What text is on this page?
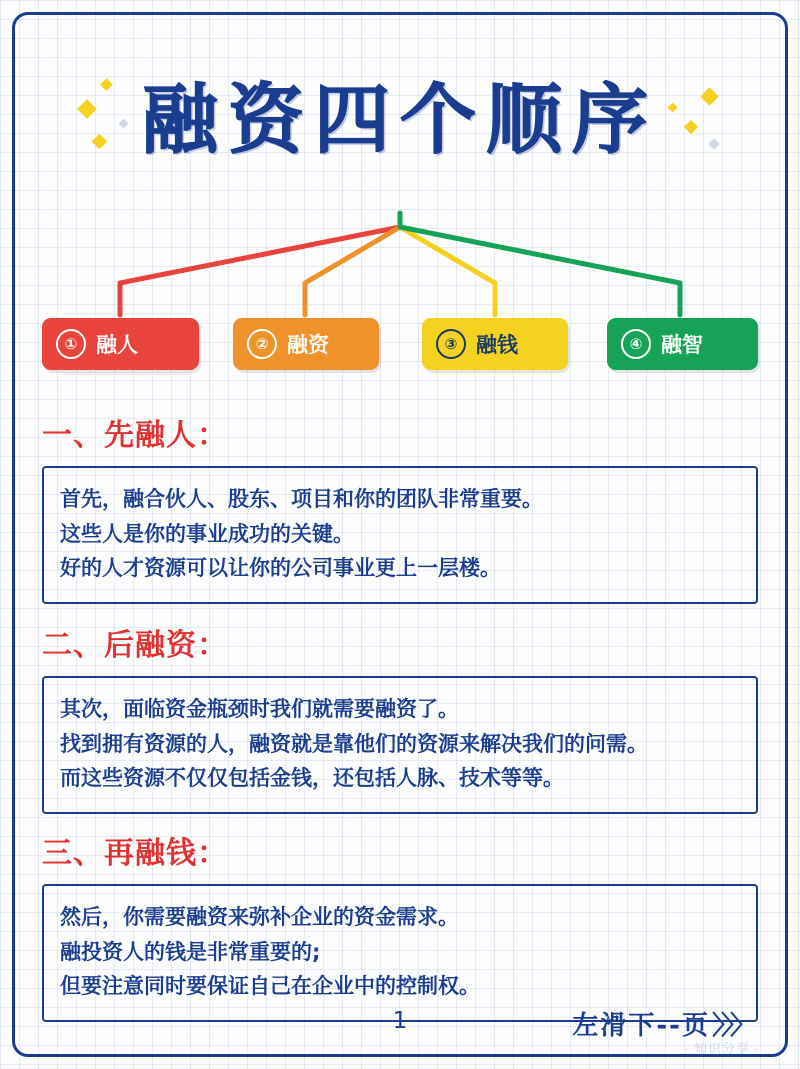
融资四个顺序
① 融人	② 融资	③ 融钱	④ 融智
一、先融人：
首先，融合伙人、股东、项目和你的团队非常重要。
这些人是你的事业成功的关键。
好的人才资源可以让你的公司事业更上一层楼。
二、后融资：
其次，面临资金瓶颈时我们就需要融资了。
找到拥有资源的人，融资就是靠他们的资源来解决我们的问需。
而这些资源不仅仅包括金钱，还包括人脉、技术等等。
三、再融钱：
然后，你需要融资来弥补企业的资金需求。
融投资人的钱是非常重要的;
但要注意同时要保证自己在企业中的控制权。
1	左滑下--页 〉〉〉
· 知识分享 ·
